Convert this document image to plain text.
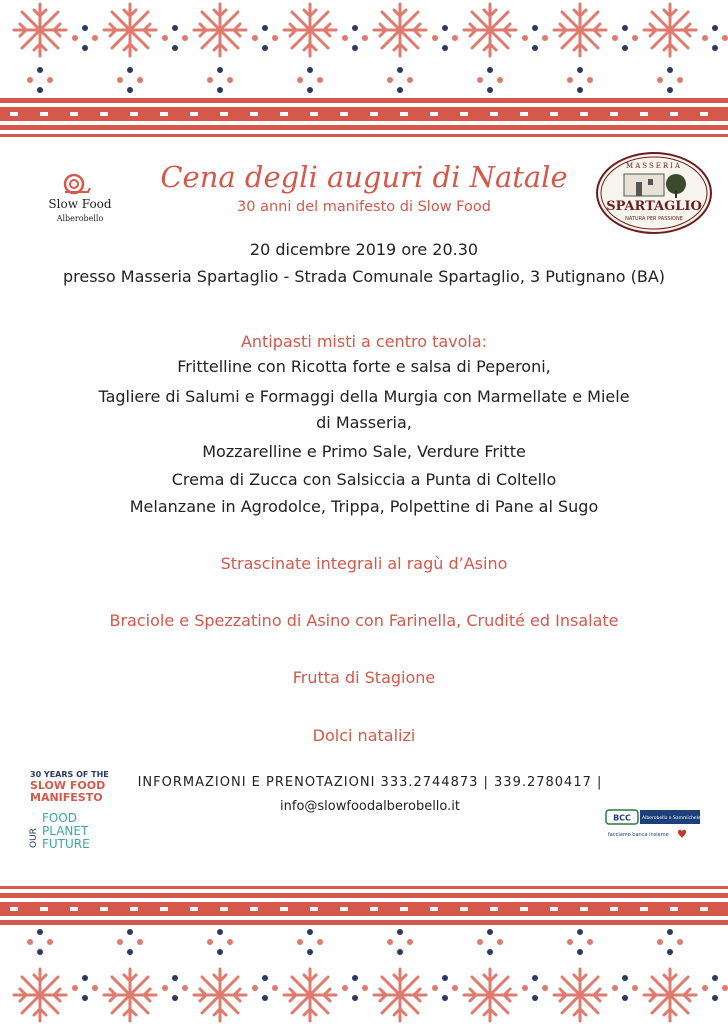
Slow Food
Alberobello
MASSERIA
SPARTAGLIO
NATURA PER PASSIONE
Cena degli auguri di Natale
30 anni del manifesto di Slow Food
20 dicembre 2019 ore 20.30
presso Masseria Spartaglio - Strada Comunale Spartaglio, 3 Putignano (BA)
Antipasti misti a centro tavola:
Frittelline con Ricotta forte e salsa di Peperoni,
Tagliere di Salumi e Formaggi della Murgia con Marmellate e Miele
di Masseria,
Mozzarelline e Primo Sale, Verdure Fritte
Crema di Zucca con Salsiccia a Punta di Coltello
Melanzane in Agrodolce, Trippa, Polpettine di Pane al Sugo
Strascinate integrali al ragù d’Asino
Braciole e Spezzatino di Asino con Farinella, Crudité ed Insalate
Frutta di Stagione
Dolci natalizi
30 YEARS OF THE
SLOW FOOD
MANIFESTO
OUR
FOOD
PLANET
FUTURE
INFORMAZIONI E PRENOTAZIONI 333.2744873 | 339.2780417 |
info@slowfoodalberobello.it
BCC Alberobello e Sammichele di Bari
facciamo banca insieme
